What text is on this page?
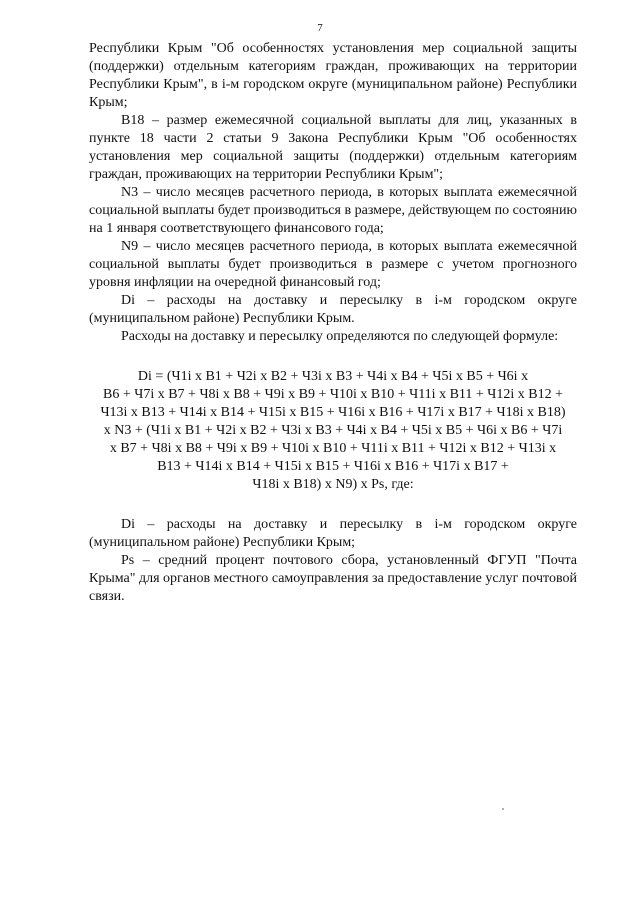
7

Республики Крым "Об особенностях установления мер социальной защиты (поддержки) отдельным категориям граждан, проживающих на территории Республики Крым", в i-м городском округе (муниципальном районе) Республики Крым;

B18 – размер ежемесячной социальной выплаты для лиц, указанных в пункте 18 части 2 статьи 9 Закона Республики Крым "Об особенностях установления мер социальной защиты (поддержки) отдельным категориям граждан, проживающих на территории Республики Крым";

N3 – число месяцев расчетного периода, в которых выплата ежемесячной социальной выплаты будет производиться в размере, действующем по состоянию на 1 января соответствующего финансового года;

N9 – число месяцев расчетного периода, в которых выплата ежемесячной социальной выплаты будет производиться в размере с учетом прогнозного уровня инфляции на очередной финансовый год;

Di – расходы на доставку и пересылку в i-м городском округе (муниципальном районе) Республики Крым.

Расходы на доставку и пересылку определяются по следующей формуле:

Di = (Ч1i x B1 + Ч2i x B2 + Ч3i x B3 + Ч4i x B4 + Ч5i x B5 + Ч6i x
B6 + Ч7i x B7 + Ч8i x B8 + Ч9i x B9 + Ч10i x B10 + Ч11i x B11 + Ч12i x B12 +
Ч13i x B13 + Ч14i x B14 + Ч15i x B15 + Ч16i x B16 + Ч17i x B17 + Ч18i x B18)
x N3 + (Ч1i x B1 + Ч2i x B2 + Ч3i x B3 + Ч4i x B4 + Ч5i x B5 + Ч6i x B6 + Ч7i
x B7 + Ч8i x B8 + Ч9i x B9 + Ч10i x B10 + Ч11i x B11 + Ч12i x B12 + Ч13i x
B13 + Ч14i x B14 + Ч15i x B15 + Ч16i x B16 + Ч17i x B17 +
Ч18i x B18) x N9) x Ps, где:

Di – расходы на доставку и пересылку в i-м городском округе (муниципальном районе) Республики Крым;

Ps – средний процент почтового сбора, установленный ФГУП "Почта Крыма" для органов местного самоуправления за предоставление услуг почтовой связи.
